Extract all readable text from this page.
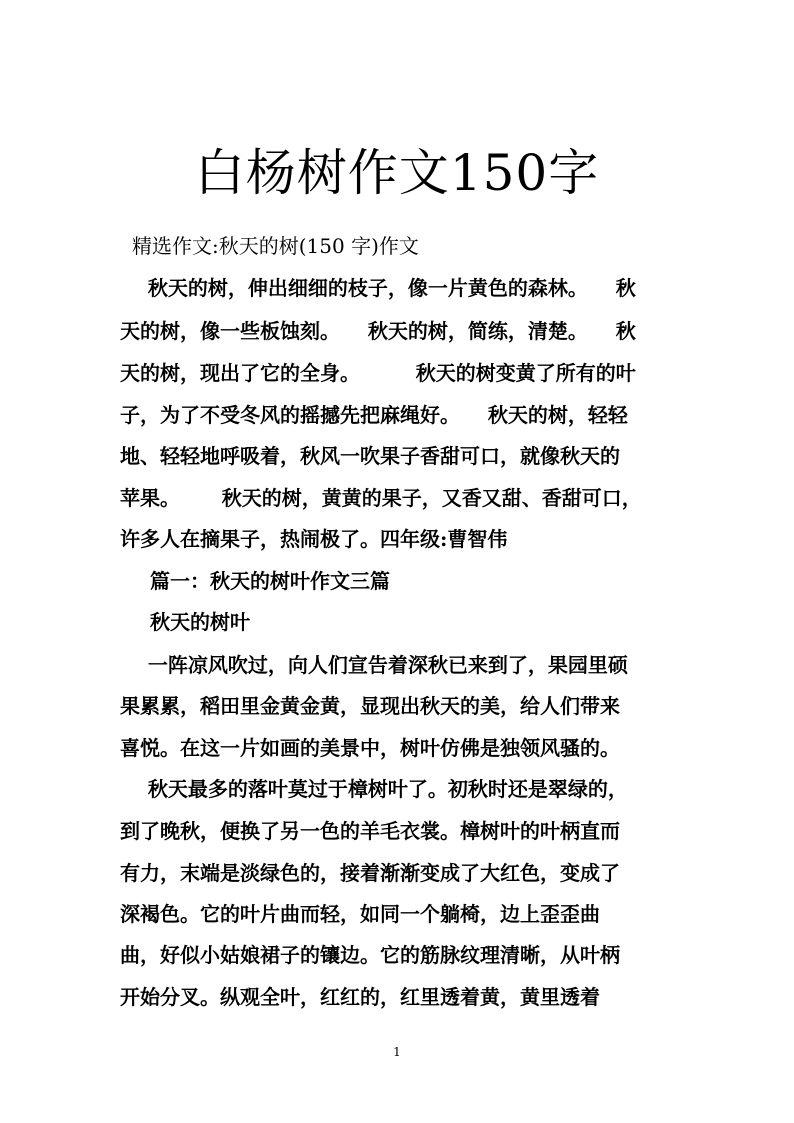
白杨树作文150字

精选作文:秋天的树(150 字)作文

秋天的树，伸出细细的枝子，像一片黄色的森林。    秋

天的树，像一些板蚀刻。    秋天的树，简练，清楚。    秋

天的树，现出了它的全身。        秋天的树变黄了所有的叶

子，为了不受冬风的摇撼先把麻绳好。    秋天的树，轻轻

地、轻轻地呼吸着，秋风一吹果子香甜可口，就像秋天的

苹果。      秋天的树，黄黄的果子，又香又甜、香甜可口，

许多人在摘果子，热闹极了。四年级:曹智伟

篇一：秋天的树叶作文三篇

秋天的树叶

一阵凉风吹过，向人们宣告着深秋已来到了，果园里硕

果累累，稻田里金黄金黄，显现出秋天的美，给人们带来

喜悦。在这一片如画的美景中，树叶仿佛是独领风骚的。

秋天最多的落叶莫过于樟树叶了。初秋时还是翠绿的，

到了晚秋，便换了另一色的羊毛衣裳。樟树叶的叶柄直而

有力，末端是淡绿色的，接着渐渐变成了大红色，变成了

深褐色。它的叶片曲而轻，如同一个躺椅，边上歪歪曲

曲，好似小姑娘裙子的镶边。它的筋脉纹理清晰，从叶柄

开始分叉。纵观全叶，红红的，红里透着黄，黄里透着

1
